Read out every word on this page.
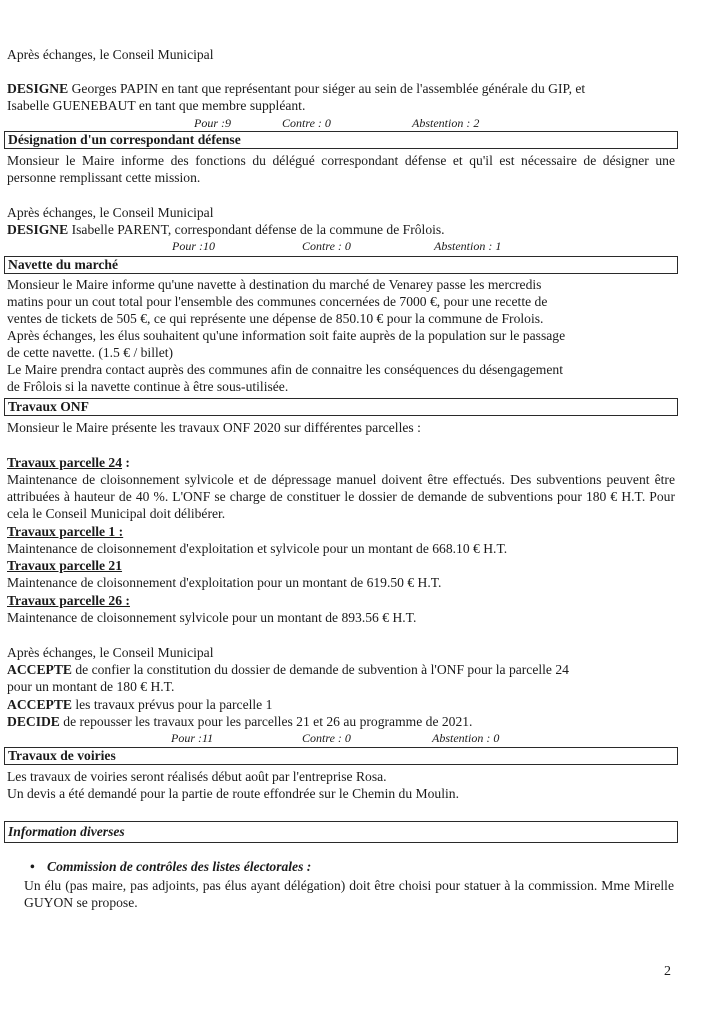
Après échanges, le Conseil Municipal
DESIGNE Georges PAPIN en tant que représentant pour siéger au sein de l'assemblée générale du GIP, et
Isabelle GUENEBAUT en tant que membre suppléant.
Pour :9	Contre : 0	Abstention : 2
Désignation d'un correspondant défense
Monsieur le Maire informe des fonctions du délégué correspondant défense et qu'il est nécessaire de désigner une personne remplissant cette mission.
Après échanges, le Conseil Municipal
DESIGNE Isabelle PARENT, correspondant défense de la commune de Frôlois.
Pour :10	Contre : 0	Abstention : 1
Navette du marché
Monsieur le Maire informe qu'une navette à destination du marché de Venarey passe les mercredis
matins pour un cout total pour l'ensemble des communes concernées de 7000 €, pour une recette de
ventes de tickets de 505 €, ce qui représente une dépense de 850.10 € pour la commune de Frolois.
Après échanges, les élus souhaitent qu'une information soit faite auprès de la population sur le passage
de cette navette. (1.5 € / billet)
Le Maire prendra contact auprès des communes afin de connaitre les conséquences du désengagement
de Frôlois si la navette continue à être sous-utilisée.
Travaux ONF
Monsieur le Maire présente les travaux ONF 2020 sur différentes parcelles :
Travaux parcelle 24 :
Maintenance de cloisonnement sylvicole et de dépressage manuel doivent être effectués. Des subventions peuvent être attribuées à hauteur de 40 %. L'ONF se charge de constituer le dossier de demande de subventions pour 180 € H.T. Pour cela le Conseil Municipal doit délibérer.
Travaux parcelle 1 :
Maintenance de cloisonnement d'exploitation et sylvicole pour un montant de 668.10 € H.T.
Travaux parcelle 21
Maintenance de cloisonnement d'exploitation pour un montant de 619.50 € H.T.
Travaux parcelle 26 :
Maintenance de cloisonnement sylvicole pour un montant de 893.56 € H.T.
Après échanges, le Conseil Municipal
ACCEPTE de confier la constitution du dossier de demande de subvention à l'ONF pour la parcelle 24
pour un montant de 180 € H.T.
ACCEPTE les travaux prévus pour la parcelle 1
DECIDE de repousser les travaux pour les parcelles 21 et 26 au programme de 2021.
Pour :11	Contre : 0	Abstention : 0
Travaux de voiries
Les travaux de voiries seront réalisés début août par l'entreprise Rosa.
Un devis a été demandé pour la partie de route effondrée sur le Chemin du Moulin.
Information diverses
• Commission de contrôles des listes électorales :
Un élu (pas maire, pas adjoints, pas élus ayant délégation) doit être choisi pour statuer à la commission. Mme Mirelle GUYON se propose.
2
